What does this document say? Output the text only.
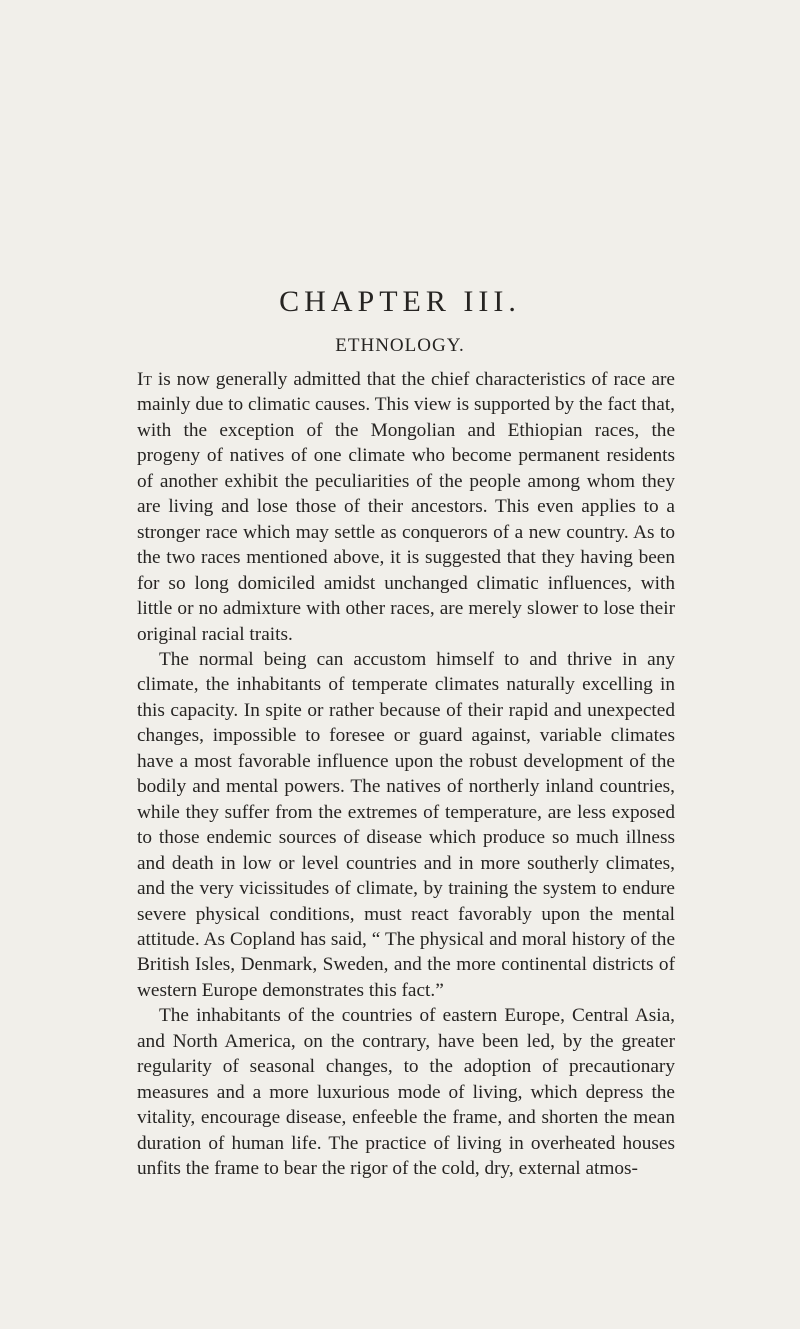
CHAPTER III.
ETHNOLOGY.

It is now generally admitted that the chief characteristics of race are mainly due to climatic causes. This view is supported by the fact that, with the exception of the Mongolian and Ethiopian races, the progeny of natives of one climate who become permanent residents of another exhibit the peculiarities of the people among whom they are living and lose those of their ancestors. This even applies to a stronger race which may settle as conquerors of a new country. As to the two races mentioned above, it is suggested that they having been for so long domiciled amidst unchanged climatic influences, with little or no admixture with other races, are merely slower to lose their original racial traits.

The normal being can accustom himself to and thrive in any climate, the inhabitants of temperate climates naturally excelling in this capacity. In spite or rather because of their rapid and unexpected changes, impossible to foresee or guard against, variable climates have a most favorable influence upon the robust development of the bodily and mental powers. The natives of northerly inland countries, while they suffer from the extremes of temperature, are less exposed to those endemic sources of disease which produce so much illness and death in low or level countries and in more southerly climates, and the very vicissitudes of climate, by training the system to endure severe physical conditions, must react favorably upon the mental attitude. As Copland has said, “ The physical and moral history of the British Isles, Denmark, Sweden, and the more continental districts of western Europe demonstrates this fact.”

The inhabitants of the countries of eastern Europe, Central Asia, and North America, on the contrary, have been led, by the greater regularity of seasonal changes, to the adoption of precautionary measures and a more luxurious mode of living, which depress the vitality, encourage disease, enfeeble the frame, and shorten the mean duration of human life. The practice of living in overheated houses unfits the frame to bear the rigor of the cold, dry, external atmos-
